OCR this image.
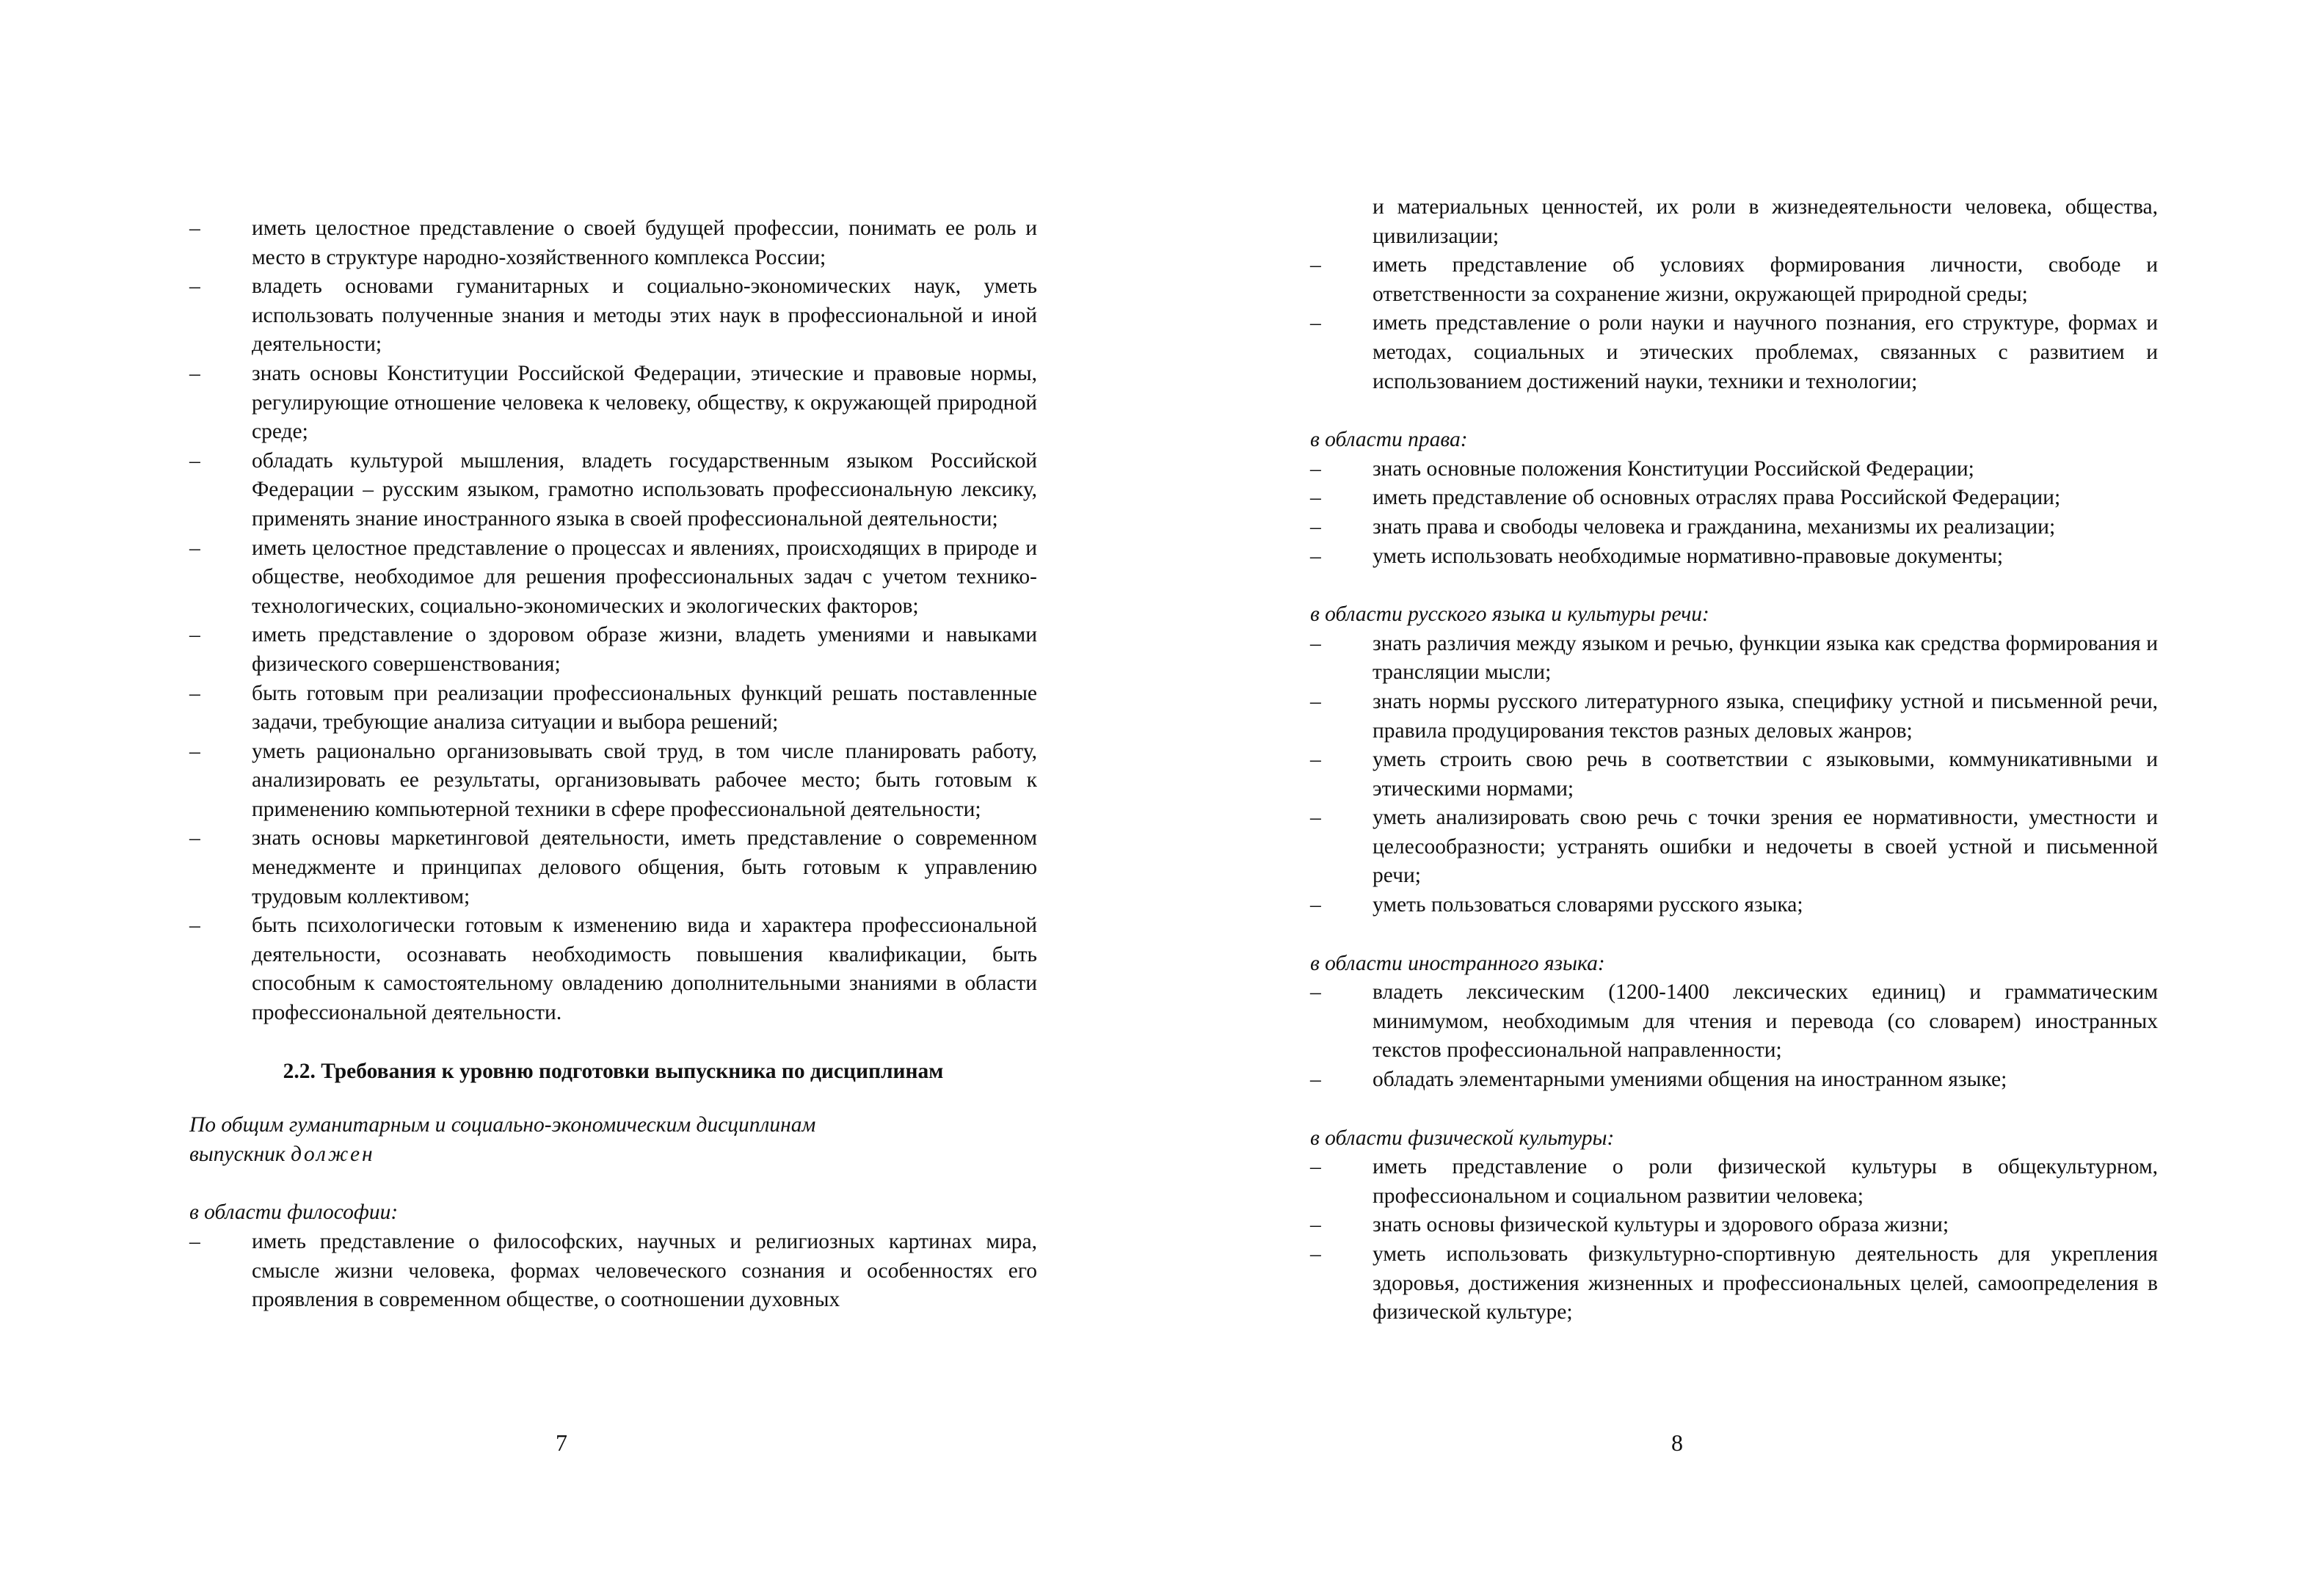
– иметь целостное представление о своей будущей профессии, понимать ее роль и место в структуре народно-хозяйственного комплекса России;
– владеть основами гуманитарных и социально-экономических наук, уметь использовать полученные знания и методы этих наук в профессиональной и иной деятельности;
– знать основы Конституции Российской Федерации, этические и правовые нормы, регулирующие отношение человека к человеку, обществу, к окружающей природной среде;
– обладать культурой мышления, владеть государственным языком Российской Федерации – русским языком, грамотно использовать профессиональную лексику, применять знание иностранного языка в своей профессиональной деятельности;
– иметь целостное представление о процессах и явлениях, происходящих в природе и обществе, необходимое для решения профессиональных задач с учетом технико-технологических, социально-экономических и экологических факторов;
– иметь представление о здоровом образе жизни, владеть умениями и навыками физического совершенствования;
– быть готовым при реализации профессиональных функций решать поставленные задачи, требующие анализа ситуации и выбора решений;
– уметь рационально организовывать свой труд, в том числе планировать работу, анализировать ее результаты, организовывать рабочее место; быть готовым к применению компьютерной техники в сфере профессиональной деятельности;
– знать основы маркетинговой деятельности, иметь представление о современном менеджменте и принципах делового общения, быть готовым к управлению трудовым коллективом;
– быть психологически готовым к изменению вида и характера профессиональной деятельности, осознавать необходимость повышения квалификации, быть способным к самостоятельному овладению дополнительными знаниями в области профессиональной деятельности.
2.2. Требования к уровню подготовки выпускника по дисциплинам
По общим гуманитарным и социально-экономическим дисциплинам
выпускник должен
в области философии:
– иметь представление о философских, научных и религиозных картинах мира, смысле жизни человека, формах человеческого сознания и особенностях его проявления в современном обществе, о соотношении духовных
7
и материальных ценностей, их роли в жизнедеятельности человека, общества, цивилизации;
– иметь представление об условиях формирования личности, свободе и ответственности за сохранение жизни, окружающей природной среды;
– иметь представление о роли науки и научного познания, его структуре, формах и методах, социальных и этических проблемах, связанных с развитием и использованием достижений науки, техники и технологии;
в области права:
– знать основные положения Конституции Российской Федерации;
– иметь представление об основных отраслях права Российской Федерации;
– знать права и свободы человека и гражданина, механизмы их реализации;
– уметь использовать необходимые нормативно-правовые документы;
в области русского языка и культуры речи:
– знать различия между языком и речью, функции языка как средства формирования и трансляции мысли;
– знать нормы русского литературного языка, специфику устной и письменной речи, правила продуцирования текстов разных деловых жанров;
– уметь строить свою речь в соответствии с языковыми, коммуникативными и этическими нормами;
– уметь анализировать свою речь с точки зрения ее нормативности, уместности и целесообразности; устранять ошибки и недочеты в своей устной и письменной речи;
– уметь пользоваться словарями русского языка;
в области иностранного языка:
– владеть лексическим (1200-1400 лексических единиц) и грамматическим минимумом, необходимым для чтения и перевода (со словарем) иностранных текстов профессиональной направленности;
– обладать элементарными умениями общения на иностранном языке;
в области физической культуры:
– иметь представление о роли физической культуры в общекультурном, профессиональном и социальном развитии человека;
– знать основы физической культуры и здорового образа жизни;
– уметь использовать физкультурно-спортивную деятельность для укрепления здоровья, достижения жизненных и профессиональных целей, самоопределения в физической культуре;
8
